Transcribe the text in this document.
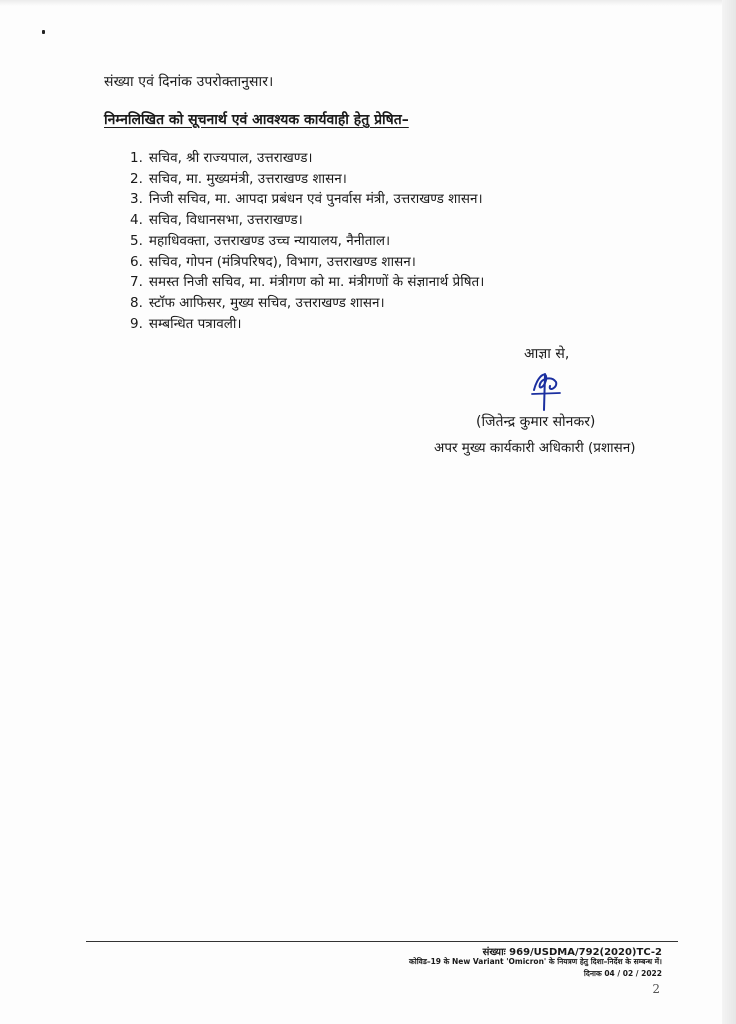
संख्या एवं दिनांक उपरोक्तानुसार।
निम्नलिखित को सूचनार्थ एवं आवश्यक कार्यवाही हेतु प्रेषित–
1. सचिव, श्री राज्यपाल, उत्तराखण्ड।
2. सचिव, मा. मुख्यमंत्री, उत्तराखण्ड शासन।
3. निजी सचिव, मा. आपदा प्रबंधन एवं पुनर्वास मंत्री, उत्तराखण्ड शासन।
4. सचिव, विधानसभा, उत्तराखण्ड।
5. महाधिवक्ता, उत्तराखण्ड उच्च न्यायालय, नैनीताल।
6. सचिव, गोपन (मंत्रिपरिषद), विभाग, उत्तराखण्ड शासन।
7. समस्त निजी सचिव, मा. मंत्रीगण को मा. मंत्रीगणों के संज्ञानार्थ प्रेषित।
8. स्टॉफ आफिसर, मुख्य सचिव, उत्तराखण्ड शासन।
9. सम्बन्धित पत्रावली।
आज्ञा से,
(जितेन्द्र कुमार सोनकर)
अपर मुख्य कार्यकारी अधिकारी (प्रशासन)
संख्याः 969/USDMA/792(2020)TC-2
कोविड–19 के New Variant 'Omicron' के नियत्रण हेतु दिशा–निर्देश के सम्बन्ध में।
दिनाक 04 / 02 / 2022
2
